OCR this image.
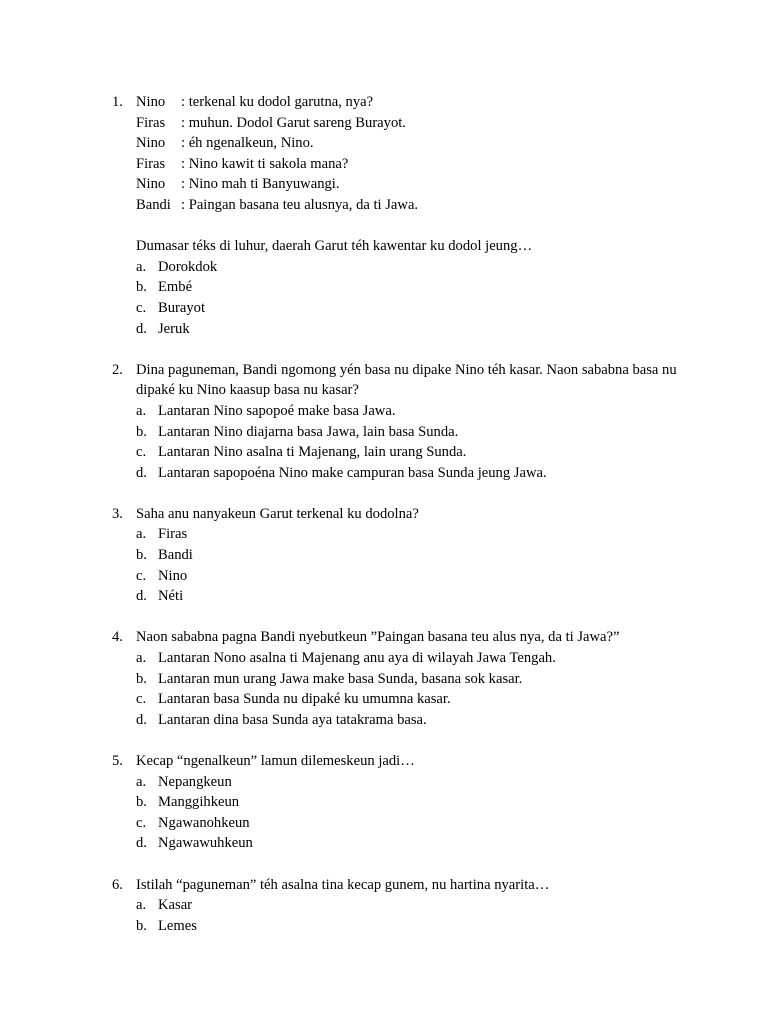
1. Nino	: terkenal ku dodol garutna, nya?
Firas	: muhun. Dodol Garut sareng Burayot.
Nino	: éh ngenalkeun, Nino.
Firas	: Nino kawit ti sakola mana?
Nino	: Nino mah ti Banyuwangi.
Bandi : Paingan basana teu alusnya, da ti Jawa.
Dumasar téks di luhur, daerah Garut téh kawentar ku dodol jeung…
a. Dorokdok
b. Embé
c. Burayot
d. Jeruk
2. Dina paguneman, Bandi ngomong yén basa nu dipake Nino téh kasar. Naon sababna basa nu dipaké ku Nino kaasup basa nu kasar?
a. Lantaran Nino sapopoé make basa Jawa.
b. Lantaran Nino diajarna basa Jawa, lain basa Sunda.
c. Lantaran Nino asalna ti Majenang, lain urang Sunda.
d. Lantaran sapopoéna Nino make campuran basa Sunda jeung Jawa.
3. Saha anu nanyakeun Garut terkenal ku dodolna?
a. Firas
b. Bandi
c. Nino
d. Néti
4. Naon sababna pagna Bandi nyebutkeun ”Paingan basana teu alus nya, da ti Jawa?”
a. Lantaran Nono asalna ti Majenang anu aya di wilayah Jawa Tengah.
b. Lantaran mun urang Jawa make basa Sunda, basana sok kasar.
c. Lantaran basa Sunda nu dipaké ku umumna kasar.
d. Lantaran dina basa Sunda aya tatakrama basa.
5. Kecap “ngenalkeun” lamun dilemeskeun jadi…
a. Nepangkeun
b. Manggihkeun
c. Ngawanohkeun
d. Ngawawuhkeun
6. Istilah “paguneman” téh asalna tina kecap gunem, nu hartina nyarita…
a. Kasar
b. Lemes
